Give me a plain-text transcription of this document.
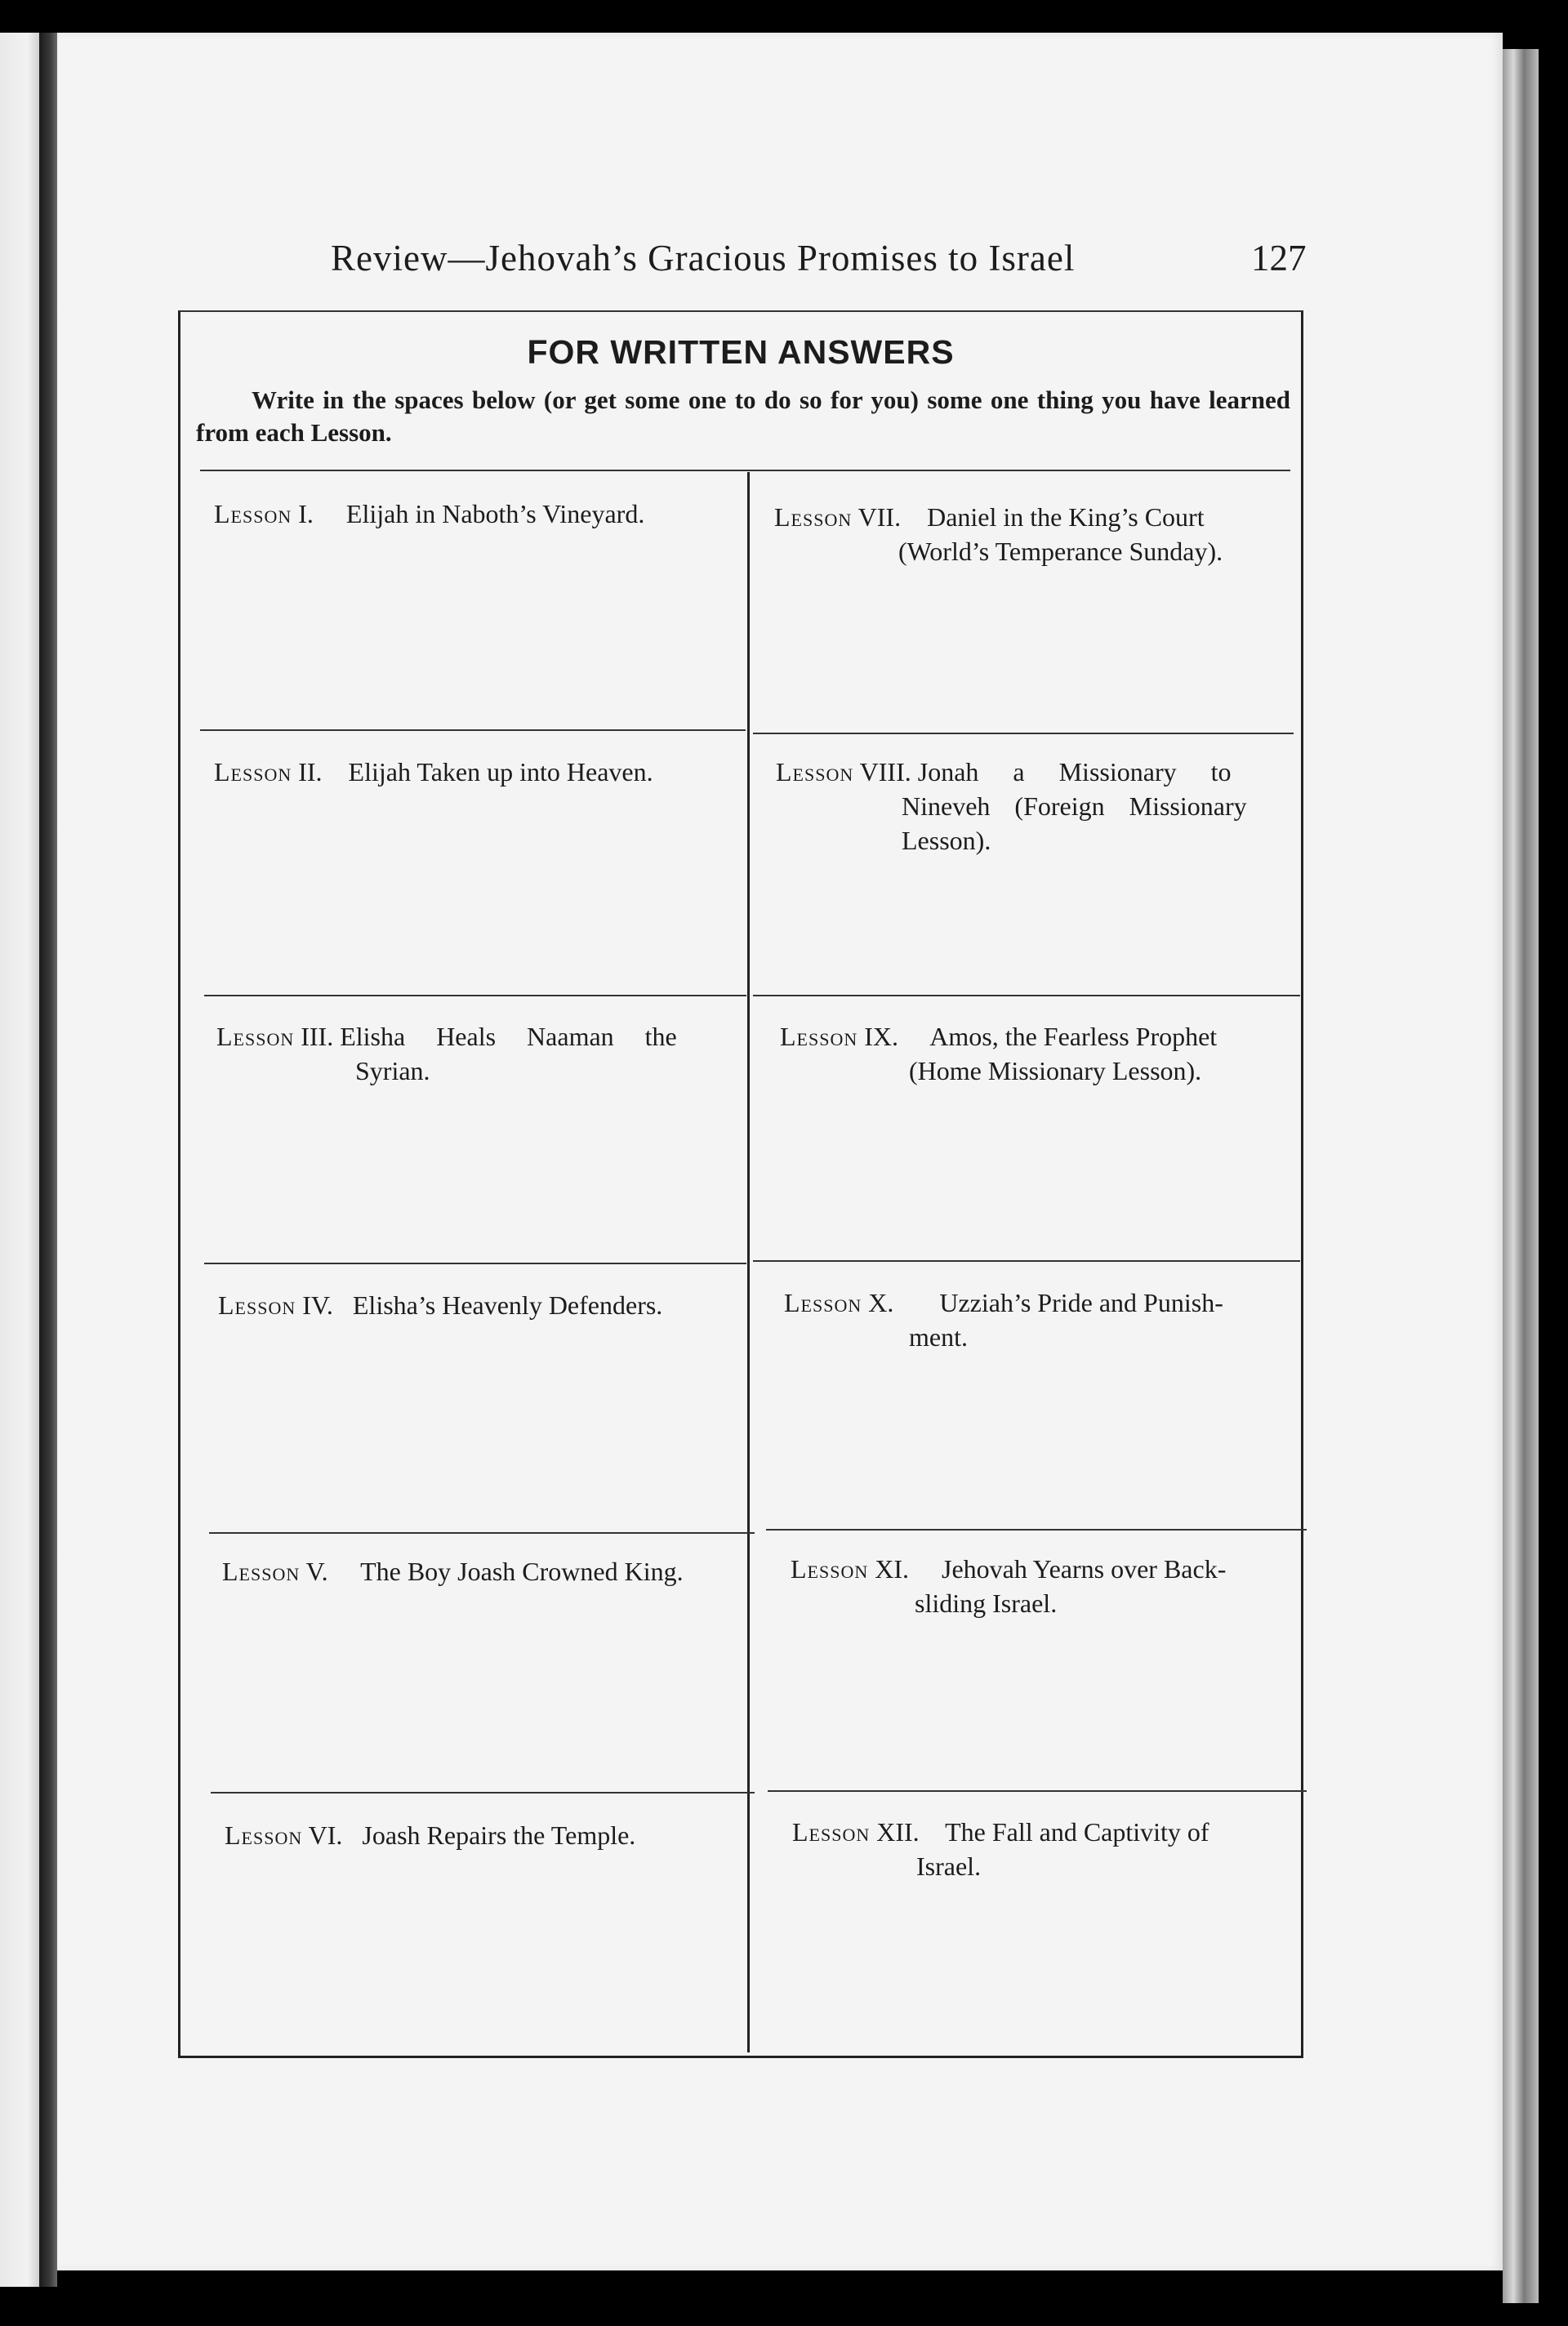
Review—Jehovah’s Gracious Promises to Israel	127
FOR WRITTEN ANSWERS
Write in the spaces below (or get some one to do so for you) some one thing you have learned from each Lesson.
Lesson I. Elijah in Naboth’s Vineyard.
Lesson II. Elijah Taken up into Heaven.
Lesson III. Elisha Heals Naaman the
Syrian.
Lesson IV. Elisha’s Heavenly Defenders.
Lesson V. The Boy Joash Crowned King.
Lesson VI. Joash Repairs the Temple.
Lesson VII. Daniel in the King’s Court
(World’s Temperance Sunday).
Lesson VIII. Jonah a Missionary to
Nineveh (Foreign Missionary
Lesson).
Lesson IX. Amos, the Fearless Prophet
(Home Missionary Lesson).
Lesson X. Uzziah’s Pride and Punish-
ment.
Lesson XI. Jehovah Yearns over Back-
sliding Israel.
Lesson XII. The Fall and Captivity of
Israel.
